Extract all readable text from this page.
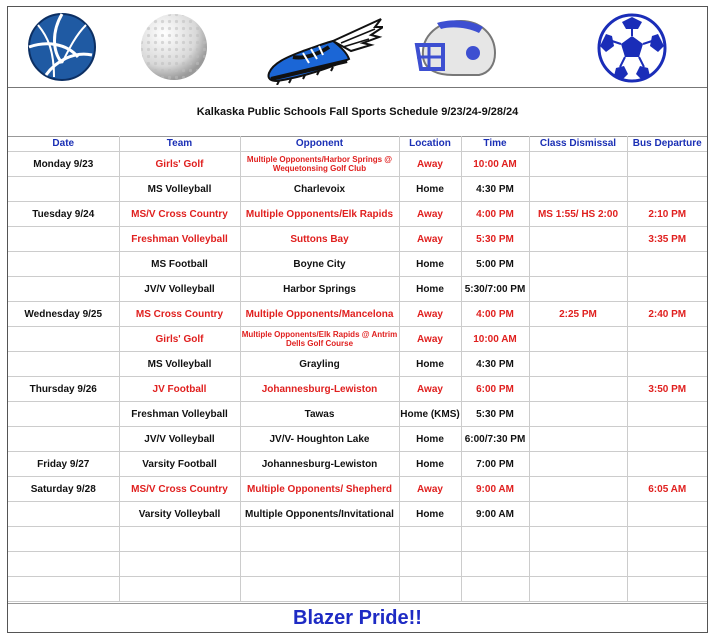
Kalkaska Public Schools Fall Sports Schedule 9/23/24-9/28/24
Date	Team	Opponent	Location	Time	Class Dismissal	Bus Departure
Monday 9/23	Girls' Golf	Multiple Opponents/Harbor Springs @ Wequetonsing Golf Club	Away	10:00 AM		
	MS Volleyball	Charlevoix	Home	4:30 PM		
Tuesday 9/24	MS/V Cross Country	Multiple Opponents/Elk Rapids	Away	4:00 PM	MS 1:55/ HS 2:00	2:10 PM
	Freshman Volleyball	Suttons Bay	Away	5:30 PM		3:35 PM
	MS Football	Boyne City	Home	5:00 PM		
	JV/V Volleyball	Harbor Springs	Home	5:30/7:00 PM		
Wednesday 9/25	MS Cross Country	Multiple Opponents/Mancelona	Away	4:00 PM	2:25 PM	2:40 PM
	Girls' Golf	Multiple Opponents/Elk Rapids @ Antrim Dells Golf Course	Away	10:00 AM		
	MS Volleyball	Grayling	Home	4:30 PM		
Thursday 9/26	JV Football	Johannesburg-Lewiston	Away	6:00 PM		3:50 PM
	Freshman Volleyball	Tawas	Home (KMS)	5:30 PM		
	JV/V Volleyball	JV/V- Houghton Lake	Home	6:00/7:30 PM		
Friday 9/27	Varsity Football	Johannesburg-Lewiston	Home	7:00 PM		
Saturday 9/28	MS/V Cross Country	Multiple Opponents/ Shepherd	Away	9:00 AM		6:05 AM
	Varsity Volleyball	Multiple Opponents/Invitational	Home	9:00 AM		

Blazer Pride!!
